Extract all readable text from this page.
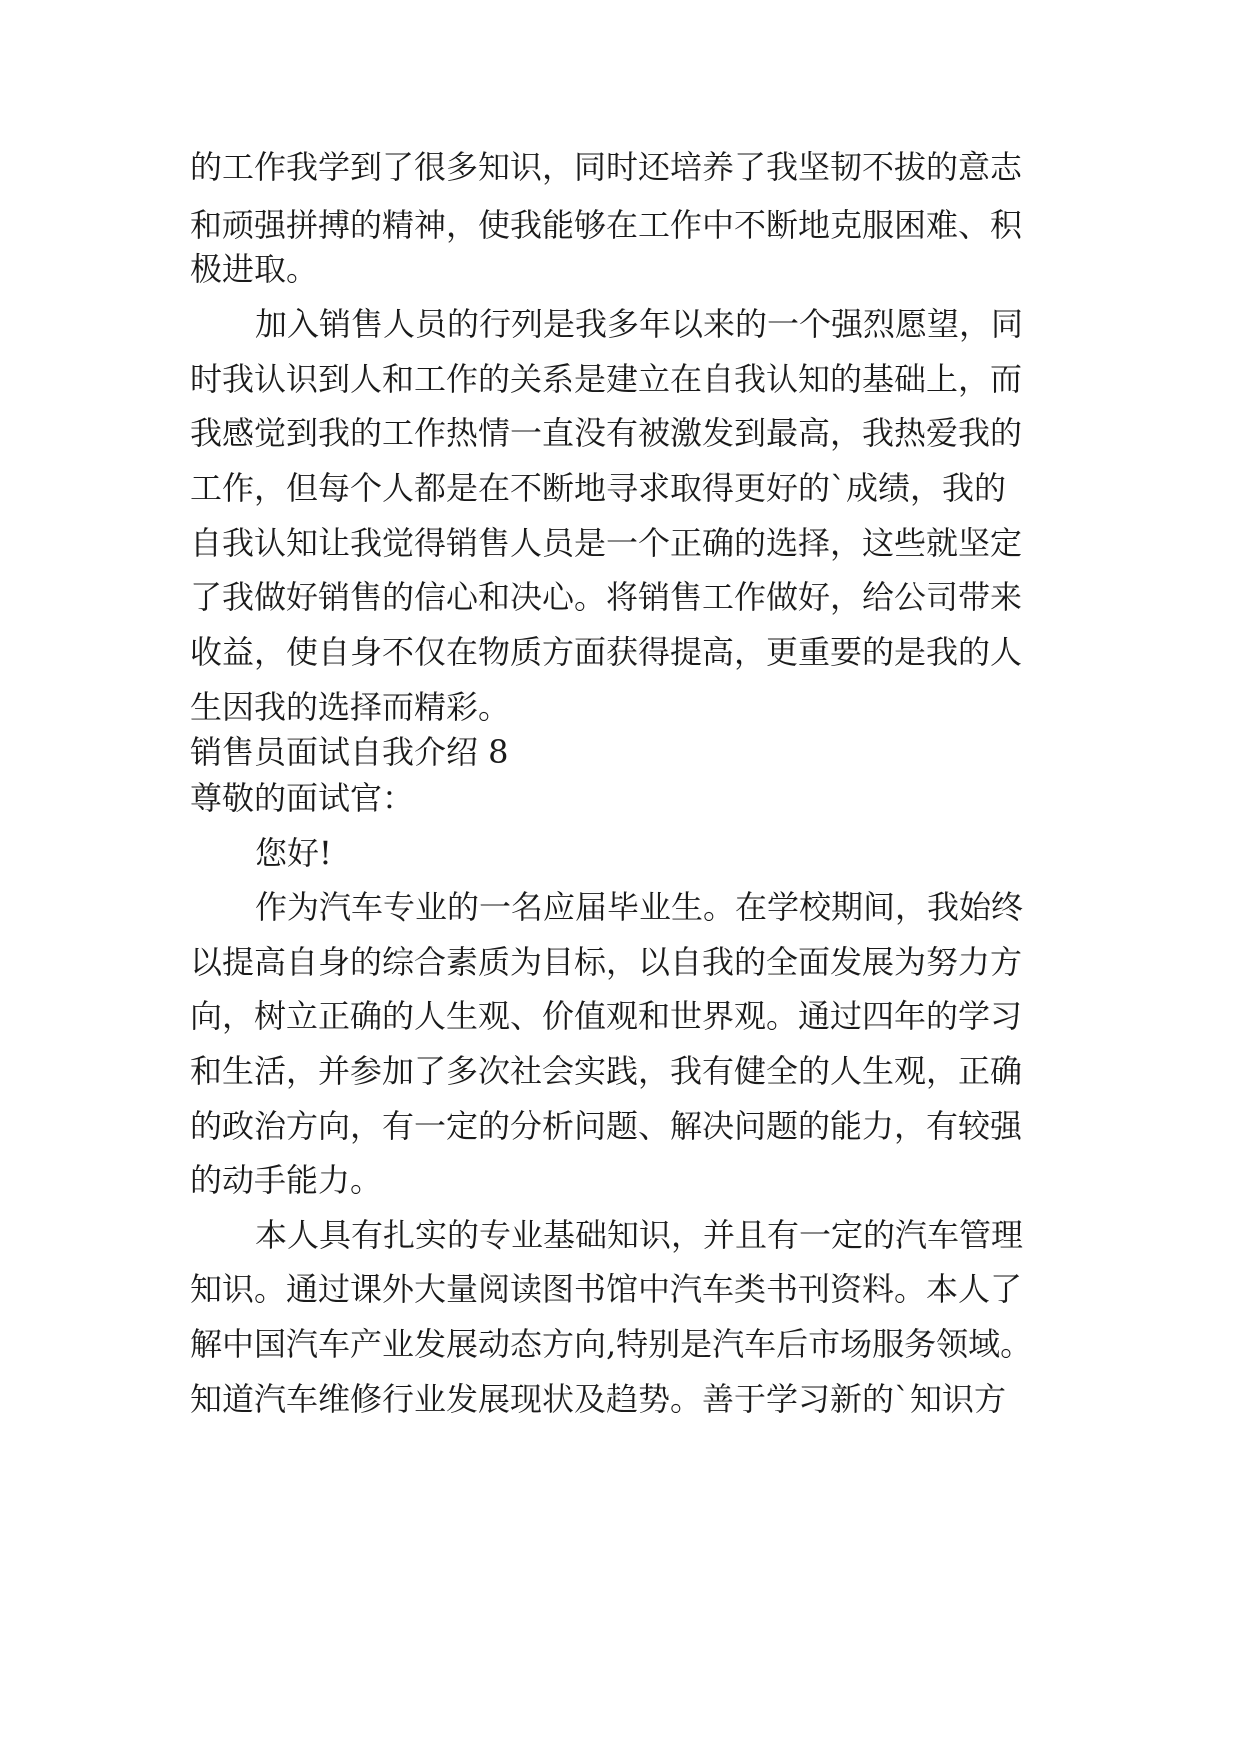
的工作我学到了很多知识，同时还培养了我坚韧不拔的意志

和顽强拼搏的精神，使我能够在工作中不断地克服困难、积

极进取。

加入销售人员的行列是我多年以来的一个强烈愿望，同

时我认识到人和工作的关系是建立在自我认知的基础上，而

我感觉到我的工作热情一直没有被激发到最高，我热爱我的

工作，但每个人都是在不断地寻求取得更好的`成绩，我的

自我认知让我觉得销售人员是一个正确的选择，这些就坚定

了我做好销售的信心和决心。将销售工作做好，给公司带来

收益，使自身不仅在物质方面获得提高，更重要的是我的人

生因我的选择而精彩。

销售员面试自我介绍 8

尊敬的面试官：

您好!

作为汽车专业的一名应届毕业生。在学校期间，我始终

以提高自身的综合素质为目标，以自我的全面发展为努力方

向，树立正确的人生观、价值观和世界观。通过四年的学习

和生活，并参加了多次社会实践，我有健全的人生观，正确

的政治方向，有一定的分析问题、解决问题的能力，有较强

的动手能力。

本人具有扎实的专业基础知识，并且有一定的汽车管理

知识。通过课外大量阅读图书馆中汽车类书刊资料。本人了

解中国汽车产业发展动态方向,特别是汽车后市场服务领域。

知道汽车维修行业发展现状及趋势。善于学习新的`知识方
